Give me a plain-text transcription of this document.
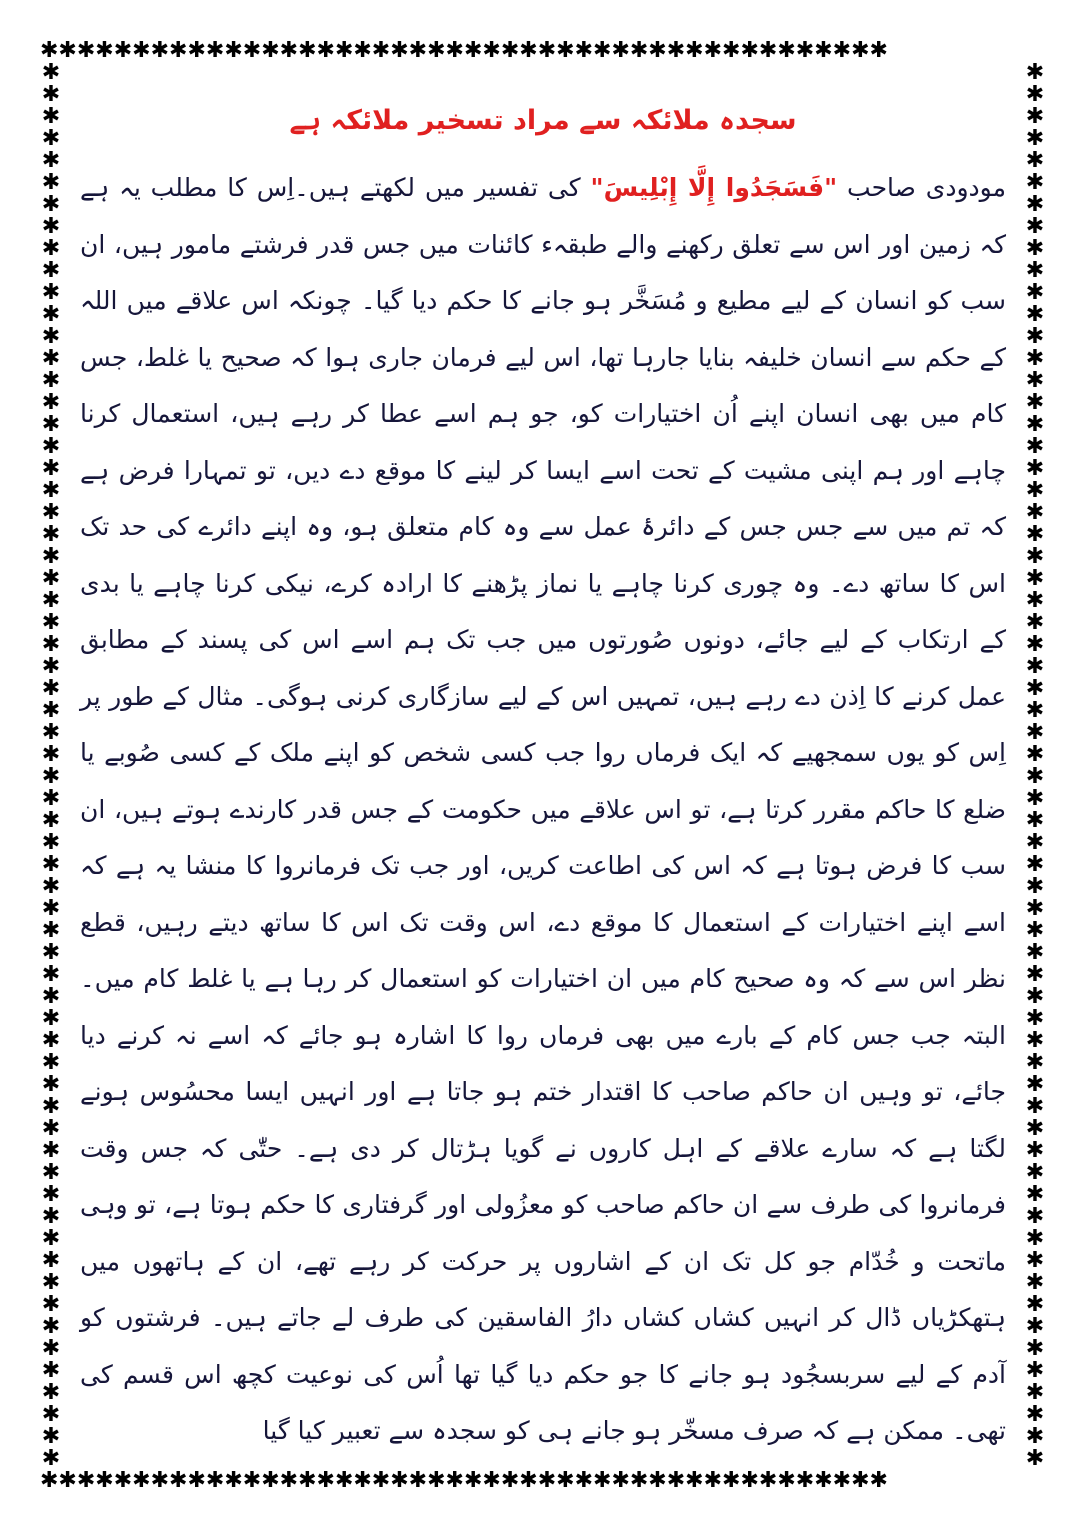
✱✱✱✱✱✱✱✱✱✱✱✱✱✱✱✱✱✱✱✱✱✱✱✱✱✱✱✱✱✱✱✱✱✱✱✱✱✱✱✱✱✱✱✱✱✱
✱✱✱✱✱✱✱✱✱✱✱✱✱✱✱✱✱✱✱✱✱✱✱✱✱✱✱✱✱✱✱✱✱✱✱✱✱✱✱✱✱✱✱✱✱✱
✱✱✱✱✱✱✱✱✱✱✱✱✱✱✱✱✱✱✱✱✱✱✱✱✱✱✱✱✱✱✱✱✱✱✱✱✱✱✱✱✱✱✱✱✱✱✱✱✱✱✱✱✱✱✱✱✱✱✱✱✱✱✱✱
✱✱✱✱✱✱✱✱✱✱✱✱✱✱✱✱✱✱✱✱✱✱✱✱✱✱✱✱✱✱✱✱✱✱✱✱✱✱✱✱✱✱✱✱✱✱✱✱✱✱✱✱✱✱✱✱✱✱✱✱✱✱✱✱
سجدہ ملائکہ سے مراد تسخیر ملائکہ ہے

مودودی صاحب "فَسَجَدُوا إِلَّا إِبْلِيسَ" کی تفسیر میں لکھتے ہیں۔اِس کا مطلب یہ ہے کہ زمین اور اس سے تعلق رکھنے والے طبقہء کائنات میں جس قدر فرشتے مامور ہیں، ان سب کو انسان کے لیے مطیع و مُسَخَّر ہو جانے کا حکم دیا گیا۔ چونکہ اس علاقے میں اللہ کے حکم سے انسان خلیفہ بنایا جارہا تھا، اس لیے فرمان جاری ہوا کہ صحیح یا غلط، جس کام میں بھی انسان اپنے اُن اختیارات کو، جو ہم اسے عطا کر رہے ہیں، استعمال کرنا چاہے اور ہم اپنی مشیت کے تحت اسے ایسا کر لینے کا موقع دے دیں، تو تمہارا فرض ہے کہ تم میں سے جس جس کے دائرۂ عمل سے وہ کام متعلق ہو، وہ اپنے دائرے کی حد تک اس کا ساتھ دے۔ وہ چوری کرنا چاہے یا نماز پڑھنے کا ارادہ کرے، نیکی کرنا چاہے یا بدی کے ارتکاب کے لیے جائے، دونوں صُورتوں میں جب تک ہم اسے اس کی پسند کے مطابق عمل کرنے کا اِذن دے رہے ہیں، تمہیں اس کے لیے سازگاری کرنی ہوگی۔ مثال کے طور پر اِس کو یوں سمجھیے کہ ایک فرماں روا جب کسی شخص کو اپنے ملک کے کسی صُوبے یا ضلع کا حاکم مقرر کرتا ہے، تو اس علاقے میں حکومت کے جس قدر کارندے ہوتے ہیں، ان سب کا فرض ہوتا ہے کہ اس کی اطاعت کریں، اور جب تک فرمانروا کا منشا یہ ہے کہ اسے اپنے اختیارات کے استعمال کا موقع دے، اس وقت تک اس کا ساتھ دیتے رہیں، قطع نظر اس سے کہ وہ صحیح کام میں ان اختیارات کو استعمال کر رہا ہے یا غلط کام میں۔ البتہ جب جس کام کے بارے میں بھی فرماں روا کا اشارہ ہو جائے کہ اسے نہ کرنے دیا جائے، تو وہیں ان حاکم صاحب کا اقتدار ختم ہو جاتا ہے اور انہیں ایسا محسُوس ہونے لگتا ہے کہ سارے علاقے کے اہل کاروں نے گویا ہڑتال کر دی ہے۔ حتّٰی کہ جس وقت فرمانروا کی طرف سے ان حاکم صاحب کو معزُولی اور گرفتاری کا حکم ہوتا ہے، تو وہی ماتحت و خُدّام جو کل تک ان کے اشاروں پر حرکت کر رہے تھے، ان کے ہاتھوں میں ہتھکڑیاں ڈال کر انہیں کشاں کشاں دارُ الفاسقین کی طرف لے جاتے ہیں۔ فرشتوں کو آدم کے لیے سربسجُود ہو جانے کا جو حکم دیا گیا تھا اُس کی نوعیت کچھ اس قسم کی تھی۔ ممکن ہے کہ صرف مسخّر ہو جانے ہی کو سجدہ سے تعبیر کیا گیا
